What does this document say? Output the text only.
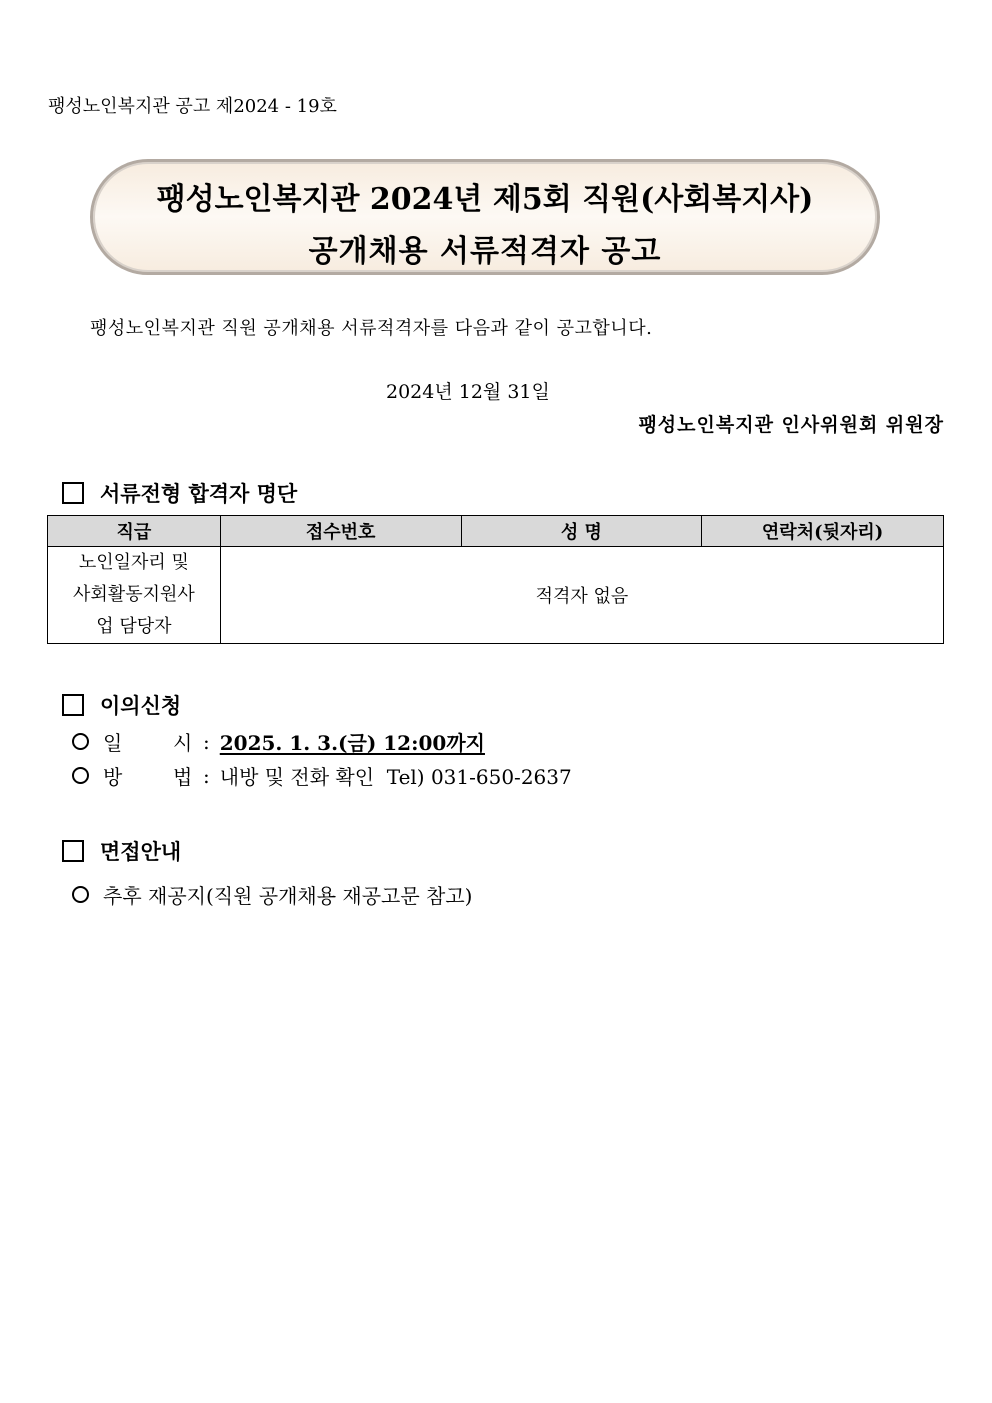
팽성노인복지관 공고 제2024 - 19호
팽성노인복지관 2024년 제5회 직원(사회복지사)
공개채용 서류적격자 공고
팽성노인복지관 직원 공개채용 서류적격자를 다음과 같이 공고합니다.
2024년 12월 31일
팽성노인복지관 인사위원회 위원장
서류전형 합격자 명단
직급	접수번호	성 명	연락처(뒷자리)

노인일자리 및
사회활동지원사
업 담당자	적격자 없음		
이의신청
일	시 : 2025. 1. 3.(금) 12:00까지
방	법 : 내방 및 전화 확인  Tel) 031-650-2637
면접안내
추후 재공지(직원 공개채용 재공고문 참고)
